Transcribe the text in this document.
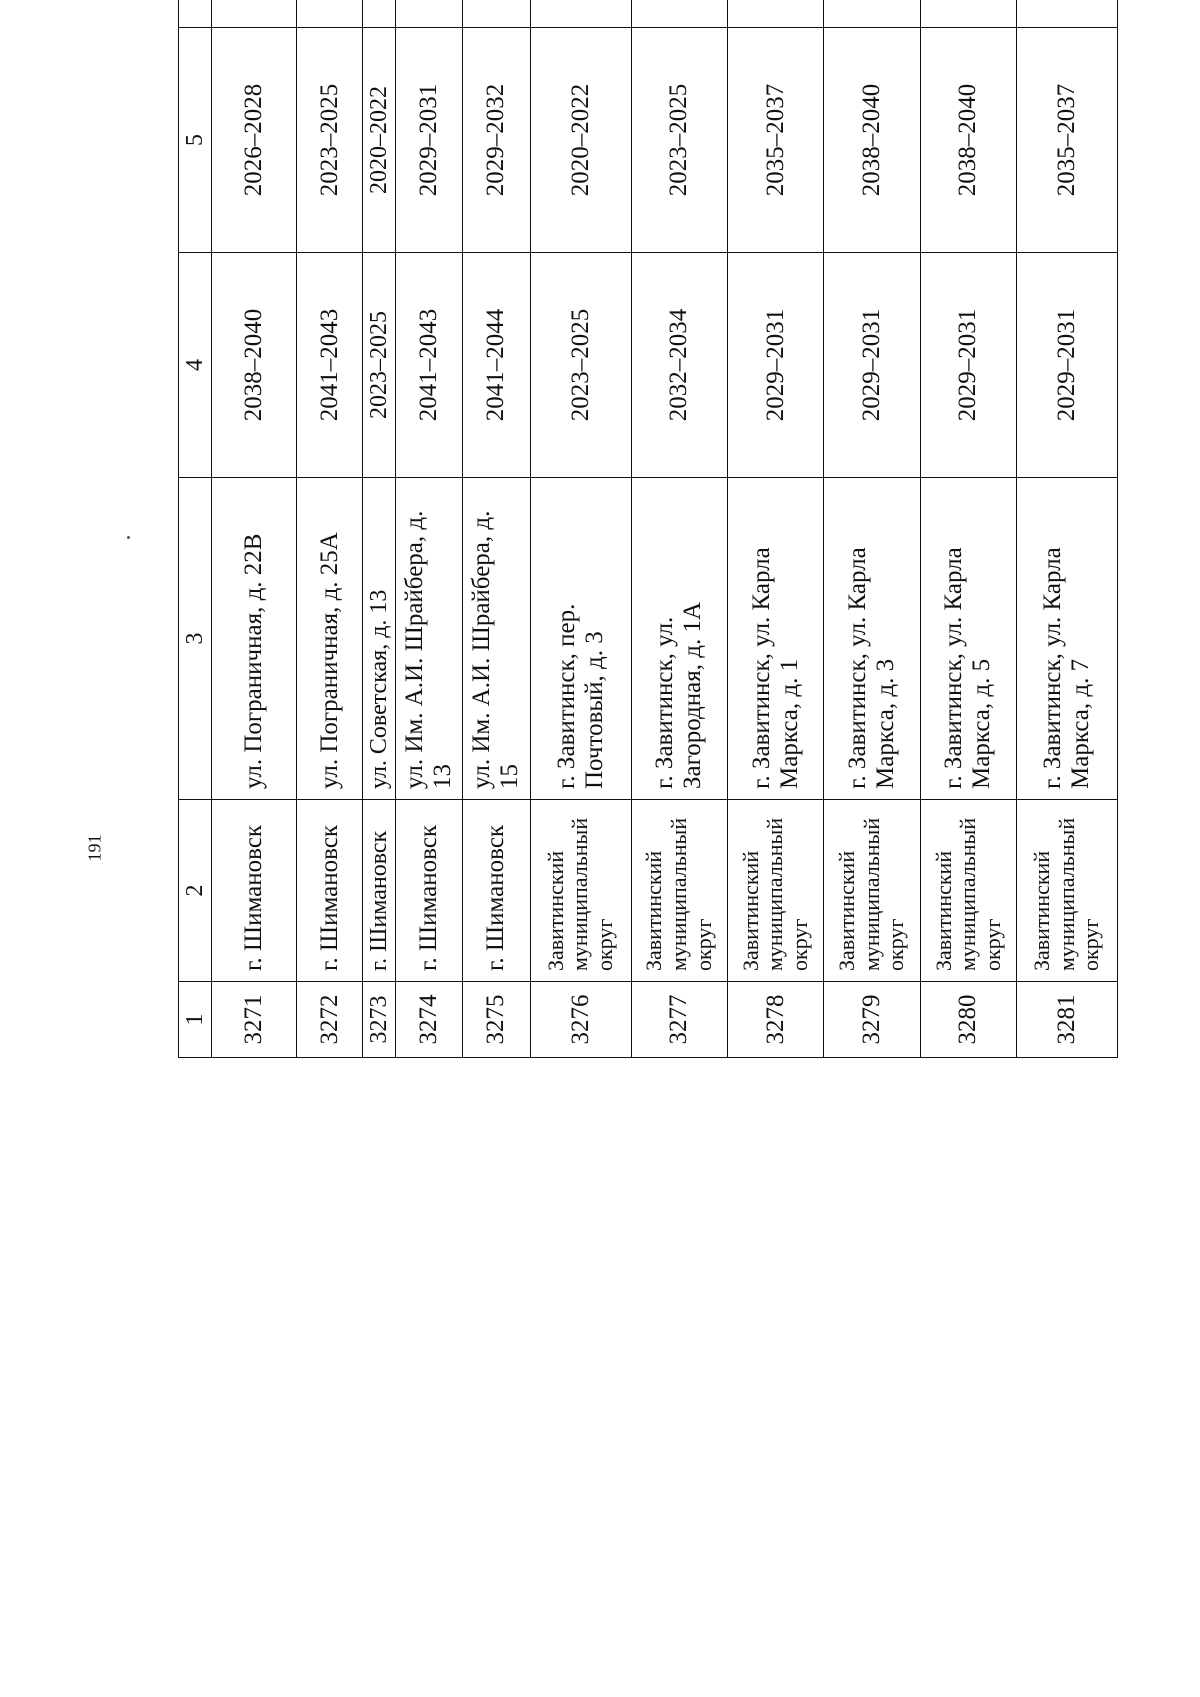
191
1	2	3	4	5		
3271	г. Шимановск	ул. Пограничная, д. 22В	2038–2040	2026–2028		
3272	г. Шимановск	ул. Пограничная, д. 25А	2041–2043	2023–2025		
3273	г. Шимановск	ул. Советская, д. 13	2023–2025	2020–2022		
3274	г. Шимановск	ул. Им. А.И. Шрайбера, д. 13	2041–2043	2029–2031		
3275	г. Шимановск	ул. Им. А.И. Шрайбера, д. 15	2041–2044	2029–2032		
3276	Завитинский муниципальный округ	г. Завитинск, пер. Почтовый, д. 3	2023–2025	2020–2022		
3277	Завитинский муниципальный округ	г. Завитинск, ул. Загородная, д. 1А	2032–2034	2023–2025		
3278	Завитинский муниципальный округ	г. Завитинск, ул. Карла Маркса, д. 1	2029–2031	2035–2037		
3279	Завитинский муниципальный округ	г. Завитинск, ул. Карла Маркса, д. 3	2029–2031	2038–2040		
3280	Завитинский муниципальный округ	г. Завитинск, ул. Карла Маркса, д. 5	2029–2031	2038–2040		
3281	Завитинский муниципальный округ	г. Завитинск, ул. Карла Маркса, д. 7	2029–2031	2035–2037		
